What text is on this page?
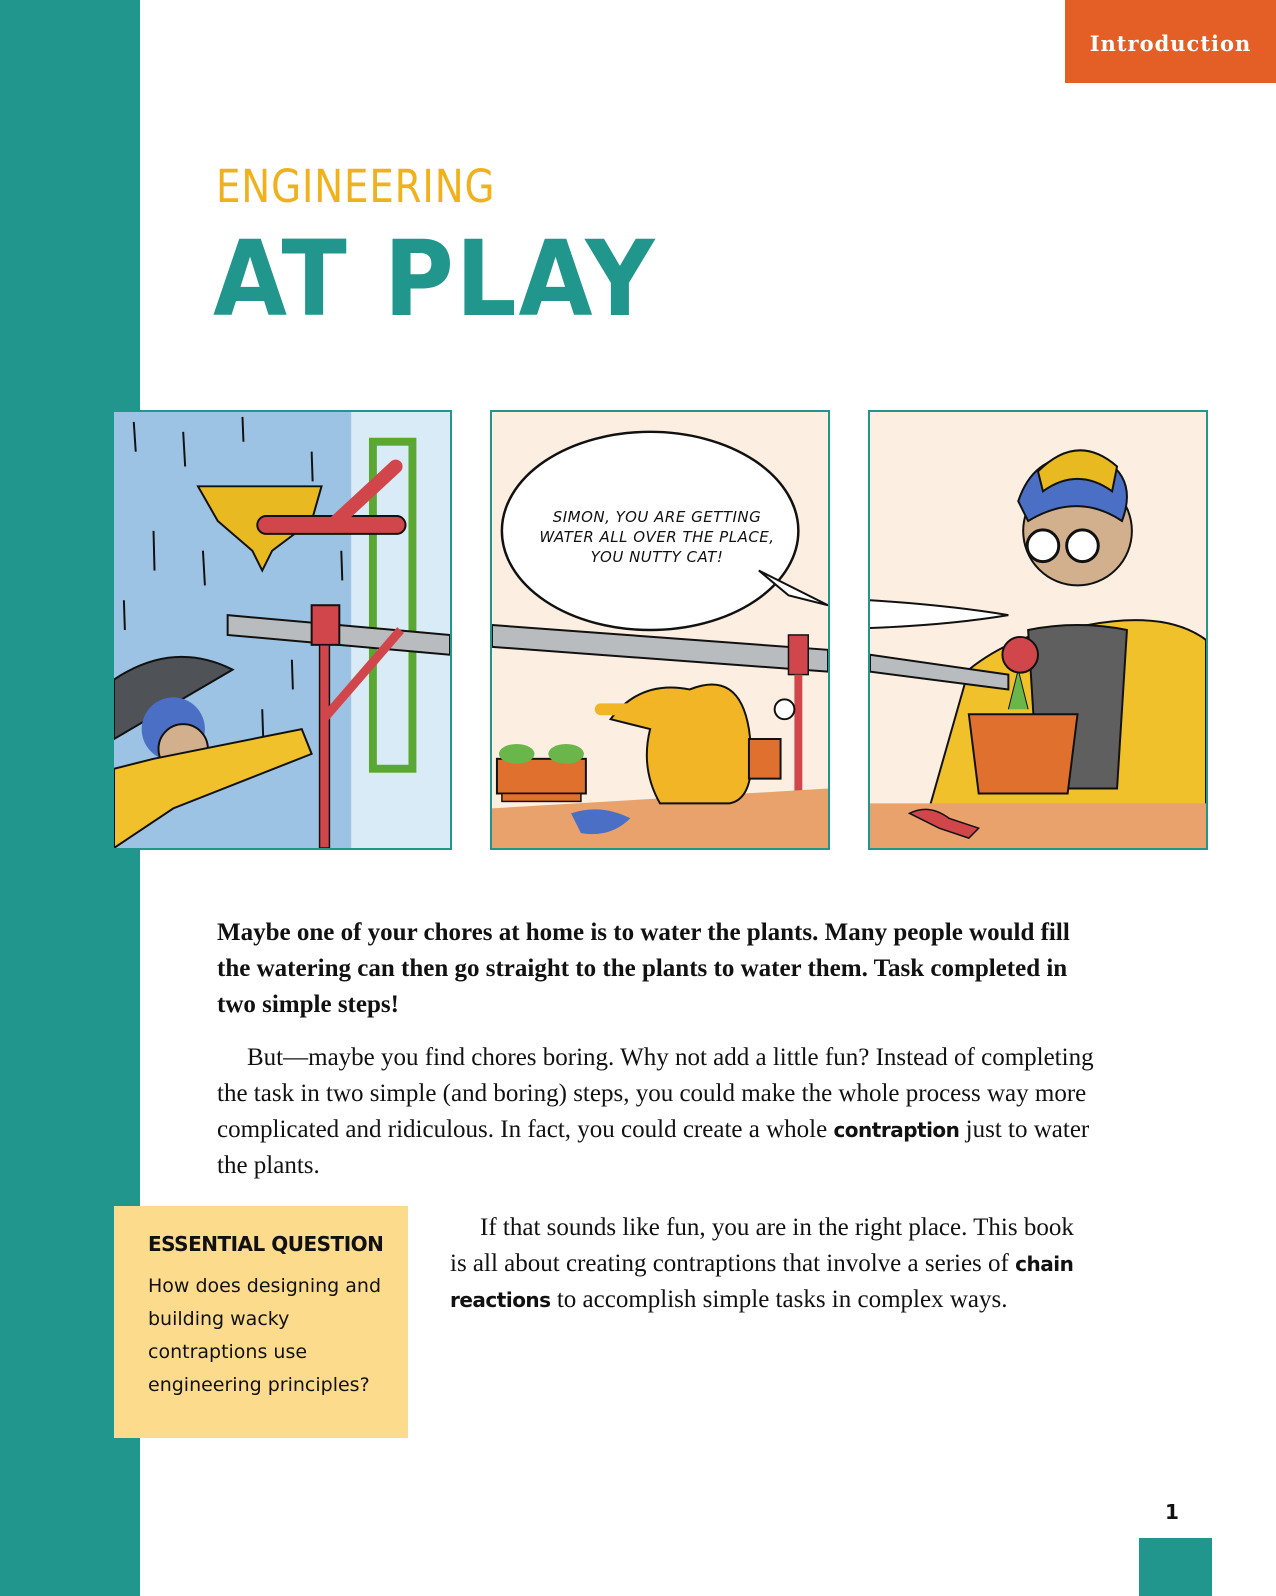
Introduction
ENGINEERING
AT PLAY
SIMON, YOU ARE GETTING WATER ALL OVER THE PLACE, YOU NUTTY CAT!

Maybe one of your chores at home is to water the plants. Many people would fill the watering can then go straight to the plants to water them. Task completed in two simple steps!

But—maybe you find chores boring. Why not add a little fun? Instead of completing the task in two simple (and boring) steps, you could make the whole process way more complicated and ridiculous. In fact, you could create a whole contraption just to water the plants.

ESSENTIAL QUESTION
How does designing and building wacky contraptions use engineering principles?

If that sounds like fun, you are in the right place. This book is all about creating contraptions that involve a series of chain reactions to accomplish simple tasks in complex ways.

1
